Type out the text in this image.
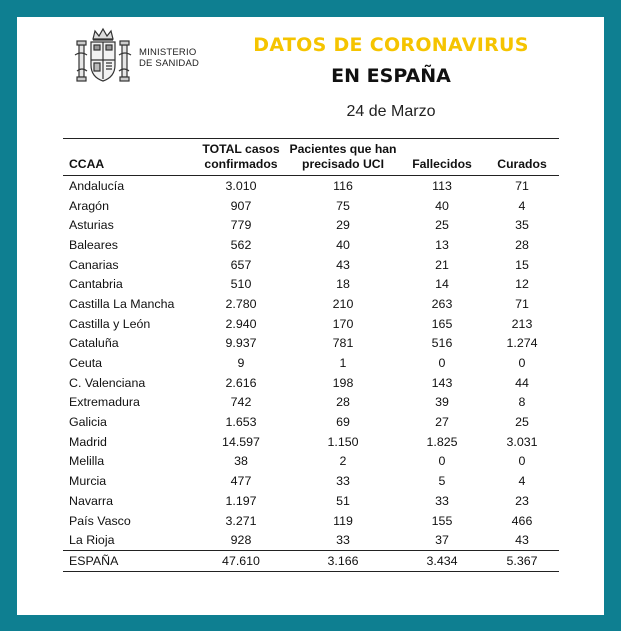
MINISTERIO
DE SANIDAD
DATOS DE CORONAVIRUS
EN ESPAÑA
24 de Marzo
CCAA	TOTAL casos confirmados	Pacientes que han precisado UCI	Fallecidos	Curados
Andalucía	3.010	116	113	71
Aragón	907	75	40	4
Asturias	779	29	25	35
Baleares	562	40	13	28
Canarias	657	43	21	15
Cantabria	510	18	14	12
Castilla La Mancha	2.780	210	263	71
Castilla y León	2.940	170	165	213
Cataluña	9.937	781	516	1.274
Ceuta	9	1	0	0
C. Valenciana	2.616	198	143	44
Extremadura	742	28	39	8
Galicia	1.653	69	27	25
Madrid	14.597	1.150	1.825	3.031
Melilla	38	2	0	0
Murcia	477	33	5	4
Navarra	1.197	51	33	23
País Vasco	3.271	119	155	466
La Rioja	928	33	37	43
ESPAÑA	47.610	3.166	3.434	5.367
